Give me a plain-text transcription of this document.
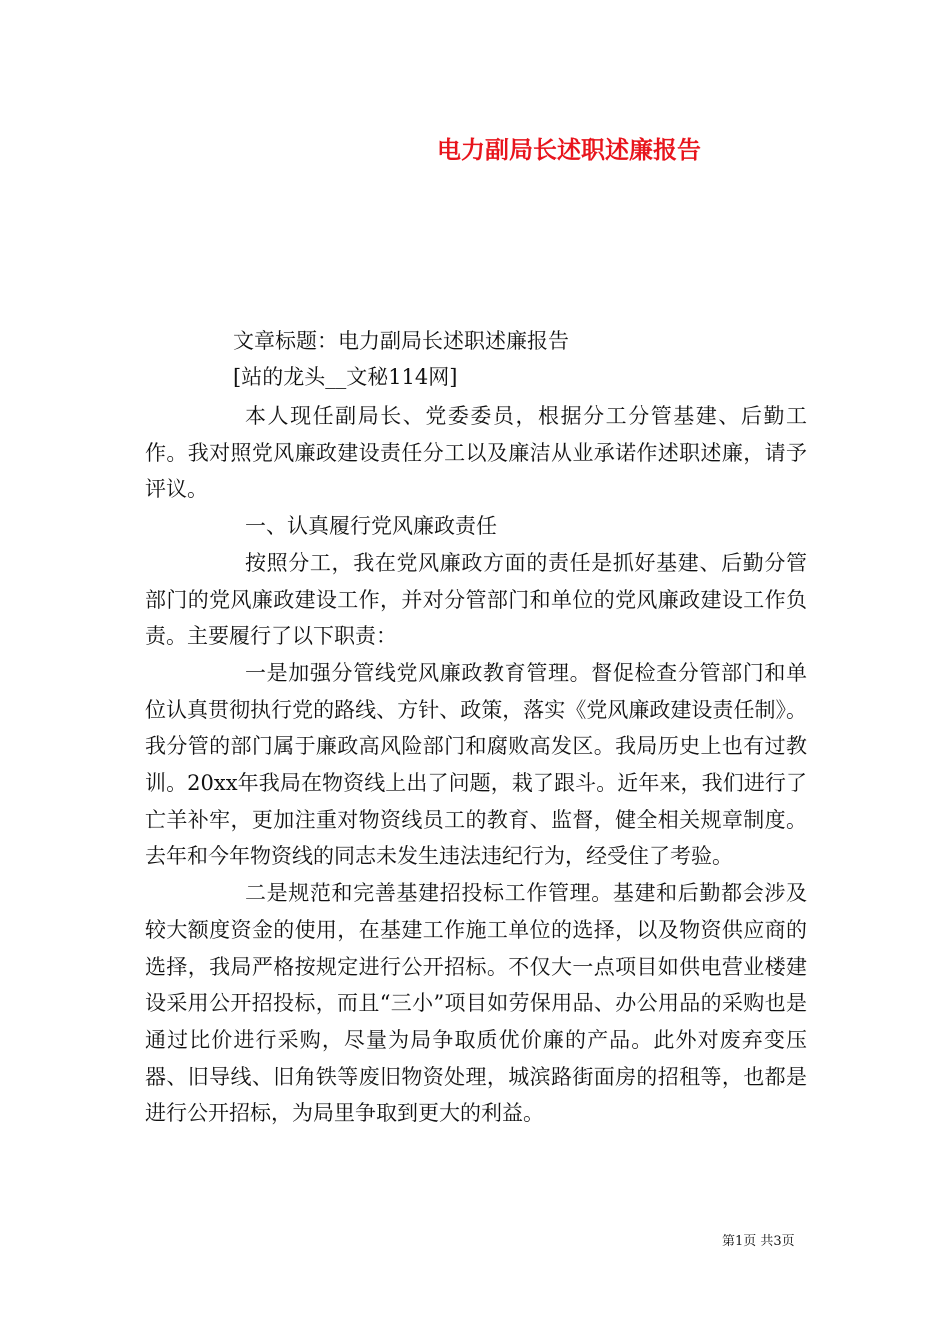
电力副局长述职述廉报告
文章标题：电力副局长述职述廉报告
[站的龙头__文秘114网]

本人现任副局长、党委委员，根据分工分管基建、后勤工作。我对照党风廉政建设责任分工以及廉洁从业承诺作述职述廉，请予评议。

一、认真履行党风廉政责任

按照分工，我在党风廉政方面的责任是抓好基建、后勤分管部门的党风廉政建设工作，并对分管部门和单位的党风廉政建设工作负责。主要履行了以下职责：

一是加强分管线党风廉政教育管理。督促检查分管部门和单位认真贯彻执行党的路线、方针、政策，落实《党风廉政建设责任制》。我分管的部门属于廉政高风险部门和腐败高发区。我局历史上也有过教训。20xx年我局在物资线上出了问题，栽了跟斗。近年来，我们进行了亡羊补牢，更加注重对物资线员工的教育、监督，健全相关规章制度。去年和今年物资线的同志未发生违法违纪行为，经受住了考验。

二是规范和完善基建招投标工作管理。基建和后勤都会涉及较大额度资金的使用，在基建工作施工单位的选择，以及物资供应商的选择，我局严格按规定进行公开招标。不仅大一点项目如供电营业楼建设采用公开招投标，而且“三小”项目如劳保用品、办公用品的采购也是通过比价进行采购，尽量为局争取质优价廉的产品。此外对废弃变压器、旧导线、旧角铁等废旧物资处理，城滨路街面房的招租等，也都是进行公开招标，为局里争取到更大的利益。

第1页 共3页
